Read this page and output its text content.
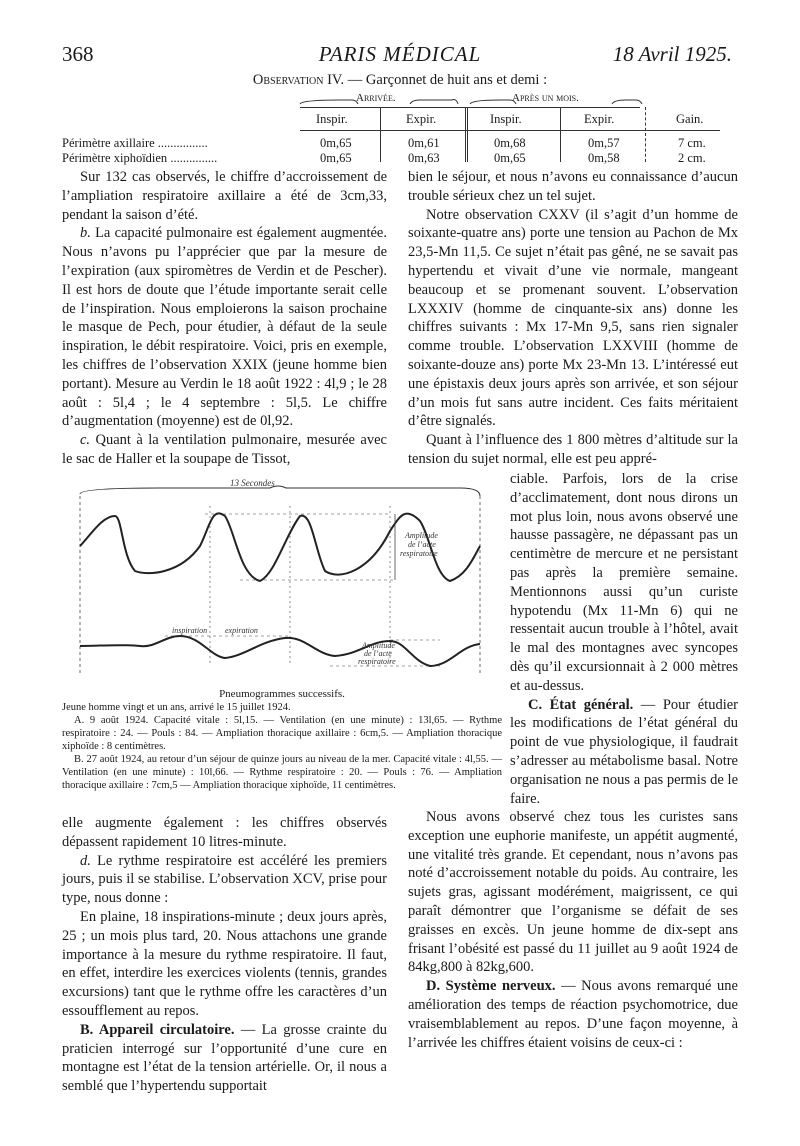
368	PARIS MÉDICAL	18 Avril 1925.
Observation IV. — Garçonnet de huit ans et demi :
Arrivée.	Après un mois.
Inspir.	Expir.	Inspir.	Expir.	Gain.
Périmètre axillaire ................	0m,65	0m,61	0m,68	0m,57	7 cm.
Périmètre xiphoïdien ...............	0m,65	0m,63	0m,65	0m,58	2 cm.

Sur 132 cas observés, le chiffre d’accroissement de l’ampliation respiratoire axillaire a été de 3cm,33, pendant la saison d’été.

b. La capacité pulmonaire est également augmentée. Nous n’avons pu l’apprécier que par la mesure de l’expiration (aux spiromètres de Verdin et de Pescher). Il est hors de doute que l’étude importante serait celle de l’inspiration. Nous emploierons la saison prochaine le masque de Pech, pour étudier, à défaut de la seule inspiration, le débit respiratoire. Voici, pris en exemple, les chiffres de l’observation XXIX (jeune homme bien portant). Mesure au Verdin le 18 août 1922 : 4l,9 ; le 28 août : 5l,4 ; le 4 septembre : 5l,5. Le chiffre d’augmentation (moyenne) est de 0l,92.

c. Quant à la ventilation pulmonaire, mesurée avec le sac de Haller et la soupape de Tissot,

13 Secondes
Amplitude
de l’acte
respiratoire
inspiration expiration
Amplitude
de l’acte
respiratoire

Pneumogrammes successifs.

Jeune homme vingt et un ans, arrivé le 15 juillet 1924.

A. 9 août 1924. Capacité vitale : 5l,15. — Ventilation (en une minute) : 13l,65. — Rythme respiratoire : 24. — Pouls : 84. — Ampliation thoracique axillaire : 6cm,5. — Ampliation thoracique xiphoïde : 8 centimètres.

B. 27 août 1924, au retour d’un séjour de quinze jours au niveau de la mer. Capacité vitale : 4l,55. — Ventilation (en une minute) : 10l,66. — Rythme respiratoire : 20. — Pouls : 76. — Ampliation thoracique axillaire : 7cm,5 — Ampliation thoracique xiphoïde, 11 centimètres.

elle augmente également : les chiffres observés dépassent rapidement 10 litres-minute.

d. Le rythme respiratoire est accéléré les premiers jours, puis il se stabilise. L’observation XCV, prise pour type, nous donne :

En plaine, 18 inspirations-minute ; deux jours après, 25 ; un mois plus tard, 20. Nous attachons une grande importance à la mesure du rythme respiratoire. Il faut, en effet, interdire les exercices violents (tennis, grandes excursions) tant que le rythme offre les caractères d’un essoufflement au repos.

B. Appareil circulatoire. — La grosse crainte du praticien interrogé sur l’opportunité d’une cure en montagne est l’état de la tension artérielle. Or, il nous a semblé que l’hypertendu supportait

bien le séjour, et nous n’avons eu connaissance d’aucun trouble sérieux chez un tel sujet.

Notre observation CXXV (il s’agit d’un homme de soixante-quatre ans) porte une tension au Pachon de Mx 23,5-Mn 11,5. Ce sujet n’était pas gêné, ne se savait pas hypertendu et vivait d’une vie normale, mangeant beaucoup et se promenant souvent. L’observation LXXXIV (homme de cinquante-six ans) donne les chiffres suivants : Mx 17-Mn 9,5, sans rien signaler comme trouble. L’observation LXXVIII (homme de soixante-douze ans) porte Mx 23-Mn 13. L’intéressé eut une épistaxis deux jours après son arrivée, et son séjour d’un mois fut sans autre incident. Ces faits méritaient d’être signalés.

Quant à l’influence des 1 800 mètres d’altitude sur la tension du sujet normal, elle est peu appré-

ciable. Parfois, lors de la crise d’acclimatement, dont nous dirons un mot plus loin, nous avons observé une hausse passagère, ne dépassant pas un centimètre de mercure et ne persistant pas après la première semaine. Mentionnons aussi qu’un curiste hypotendu (Mx 11-Mn 6) qui ne ressentait aucun trouble à l’hôtel, avait le mal des montagnes avec syncopes dès qu’il excursionnait à 2 000 mètres et au-dessus.

C. État général. — Pour étudier les modifications de l’état général du point de vue physiologique, il faudrait s’adresser au métabolisme basal. Notre organisation ne nous a pas permis de le faire.

Nous avons observé chez tous les curistes sans exception une euphorie manifeste, un appétit augmenté, une vitalité très grande. Et cependant, nous n’avons pas noté d’accroissement notable du poids. Au contraire, les sujets gras, agissant modérément, maigrissent, ce qui paraît démontrer que l’organisme se défait de ses graisses en excès. Un jeune homme de dix-sept ans frisant l’obésité est passé du 11 juillet au 9 août 1924 de 84kg,800 à 82kg,600.

D. Système nerveux. — Nous avons remarqué une amélioration des temps de réaction psychomotrice, due vraisemblablement au repos. D’une façon moyenne, à l’arrivée les chiffres étaient voisins de ceux-ci :
